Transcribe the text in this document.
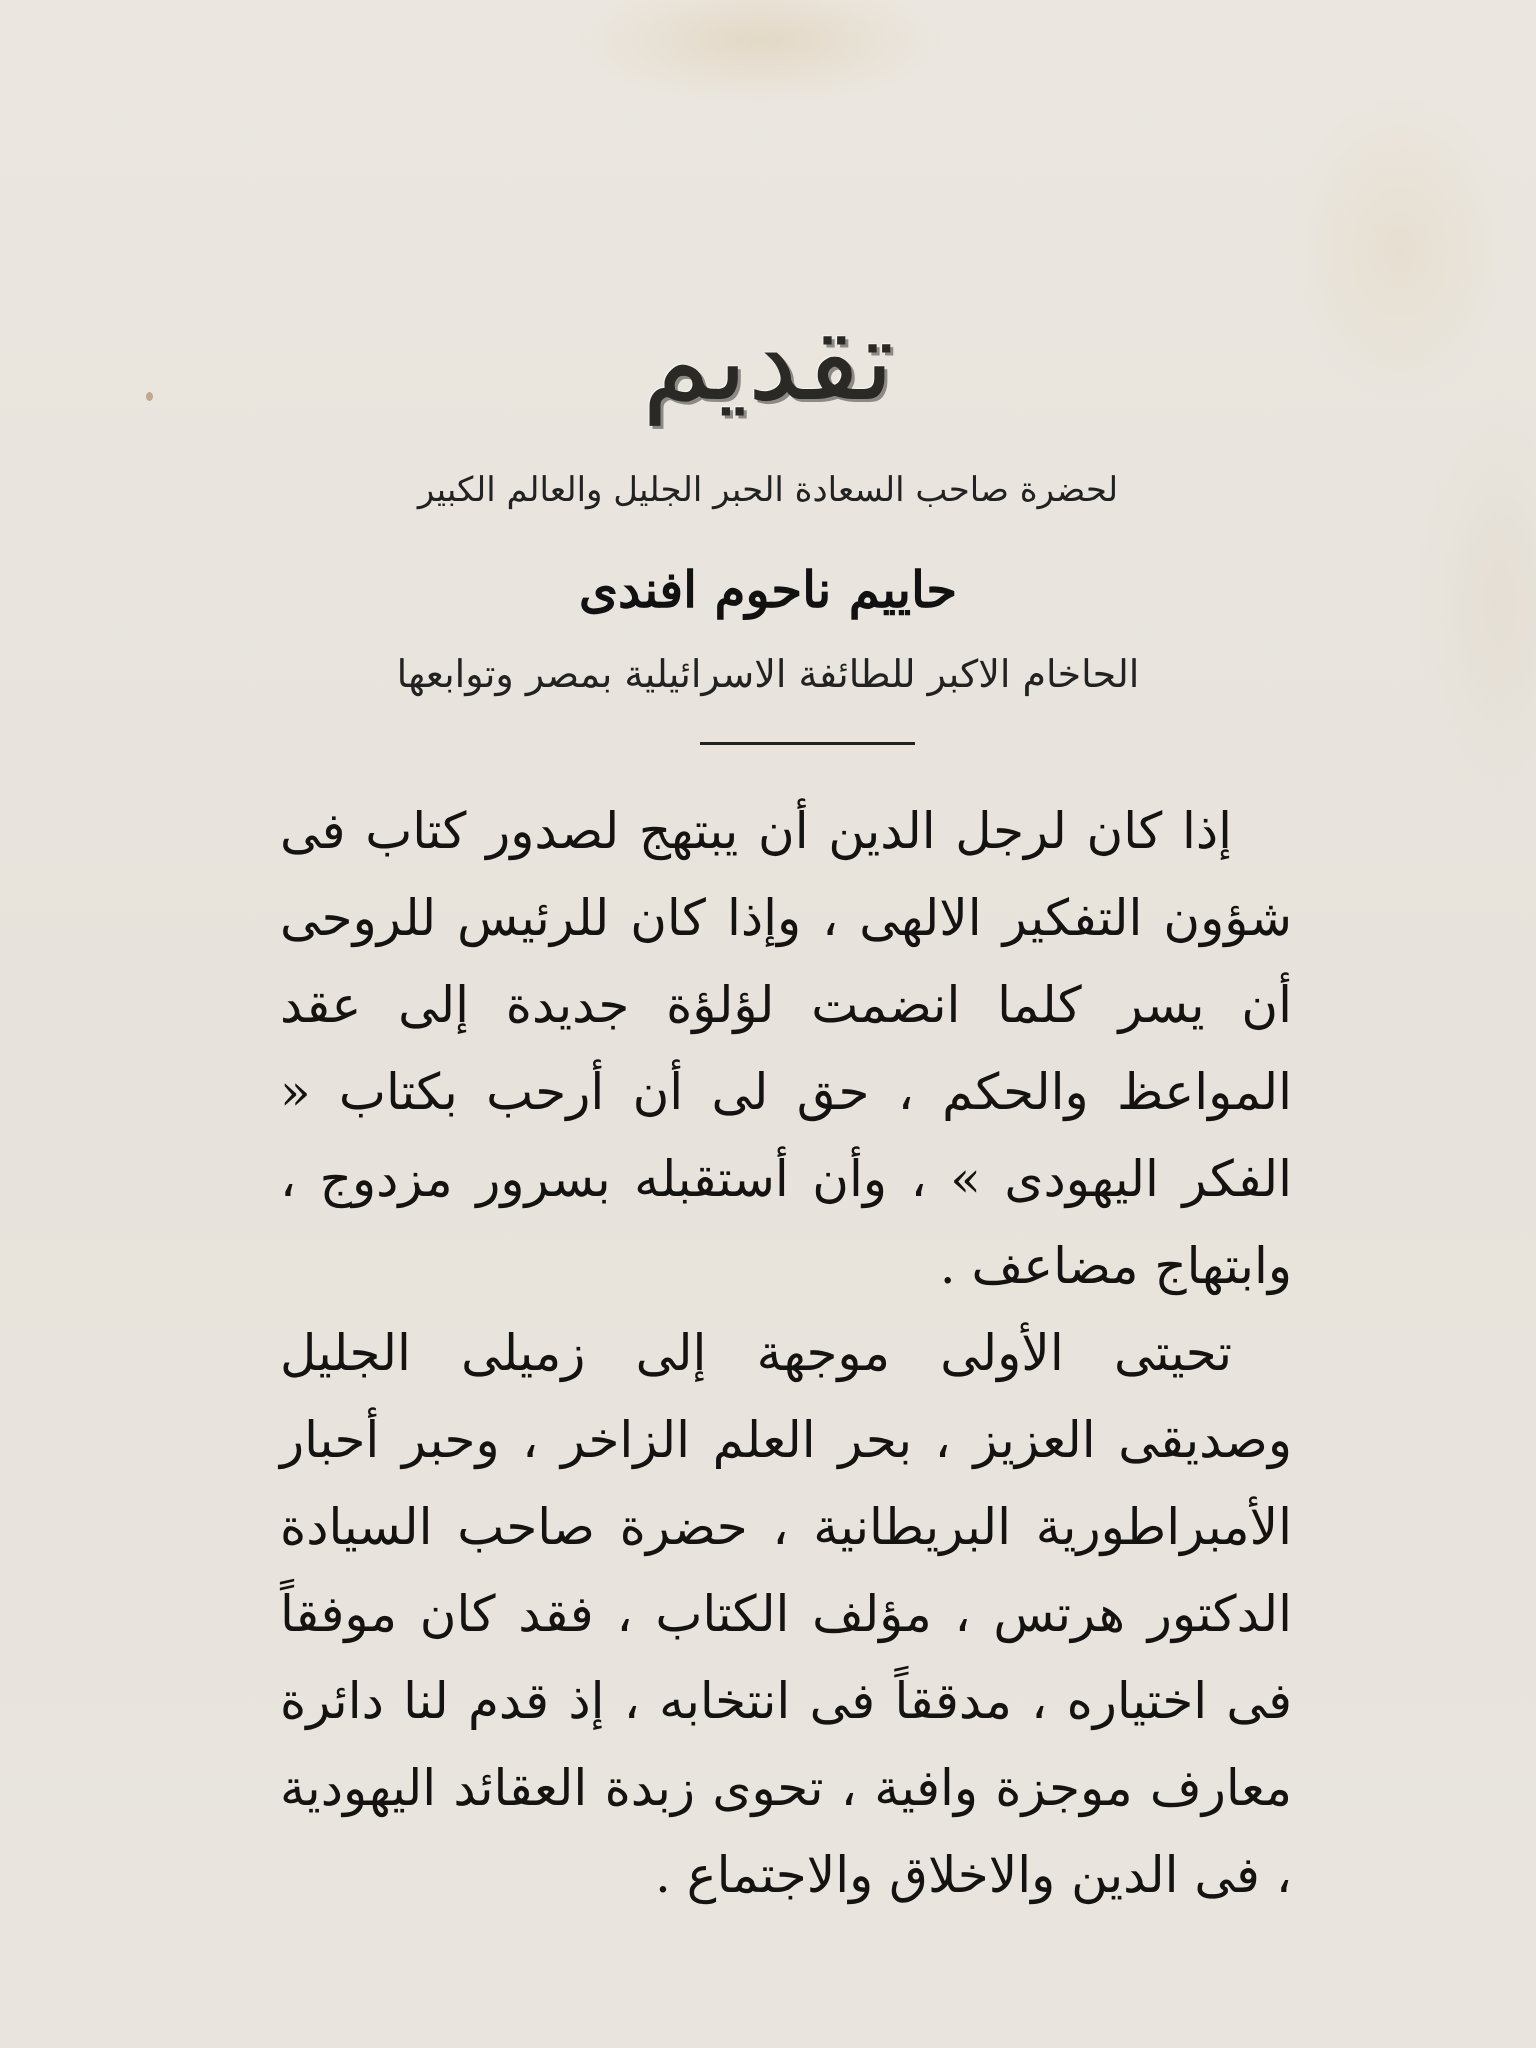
تقديم
لحضرة صاحب السعادة الحبر الجليل والعالم الكبير
حاييم ناحوم افندى
الحاخام الاكبر للطائفة الاسرائيلية بمصر وتوابعها

إذا كان لرجل الدين أن يبتهج لصدور كتاب فى شؤون التفكير الالهى ، وإذا كان للرئيس للروحى أن يسر كلما انضمت لؤلؤة جديدة إلى عقد المواعظ والحكم ، حق لى أن أرحب بكتاب « الفكر اليهودى » ، وأن أستقبله بسرور مزدوج ، وابتهاج مضاعف .

تحيتى الأولى موجهة إلى زميلى الجليل وصديقى العزيز ، بحر العلم الزاخر ، وحبر أحبار الأمبراطورية البريطانية ، حضرة صاحب السيادة الدكتور هرتس ، مؤلف الكتاب ، فقد كان موفقاً فى اختياره ، مدققاً فى انتخابه ، إذ قدم لنا دائرة معارف موجزة وافية ، تحوى زبدة العقائد اليهودية ، فى الدين والاخلاق والاجتماع .
